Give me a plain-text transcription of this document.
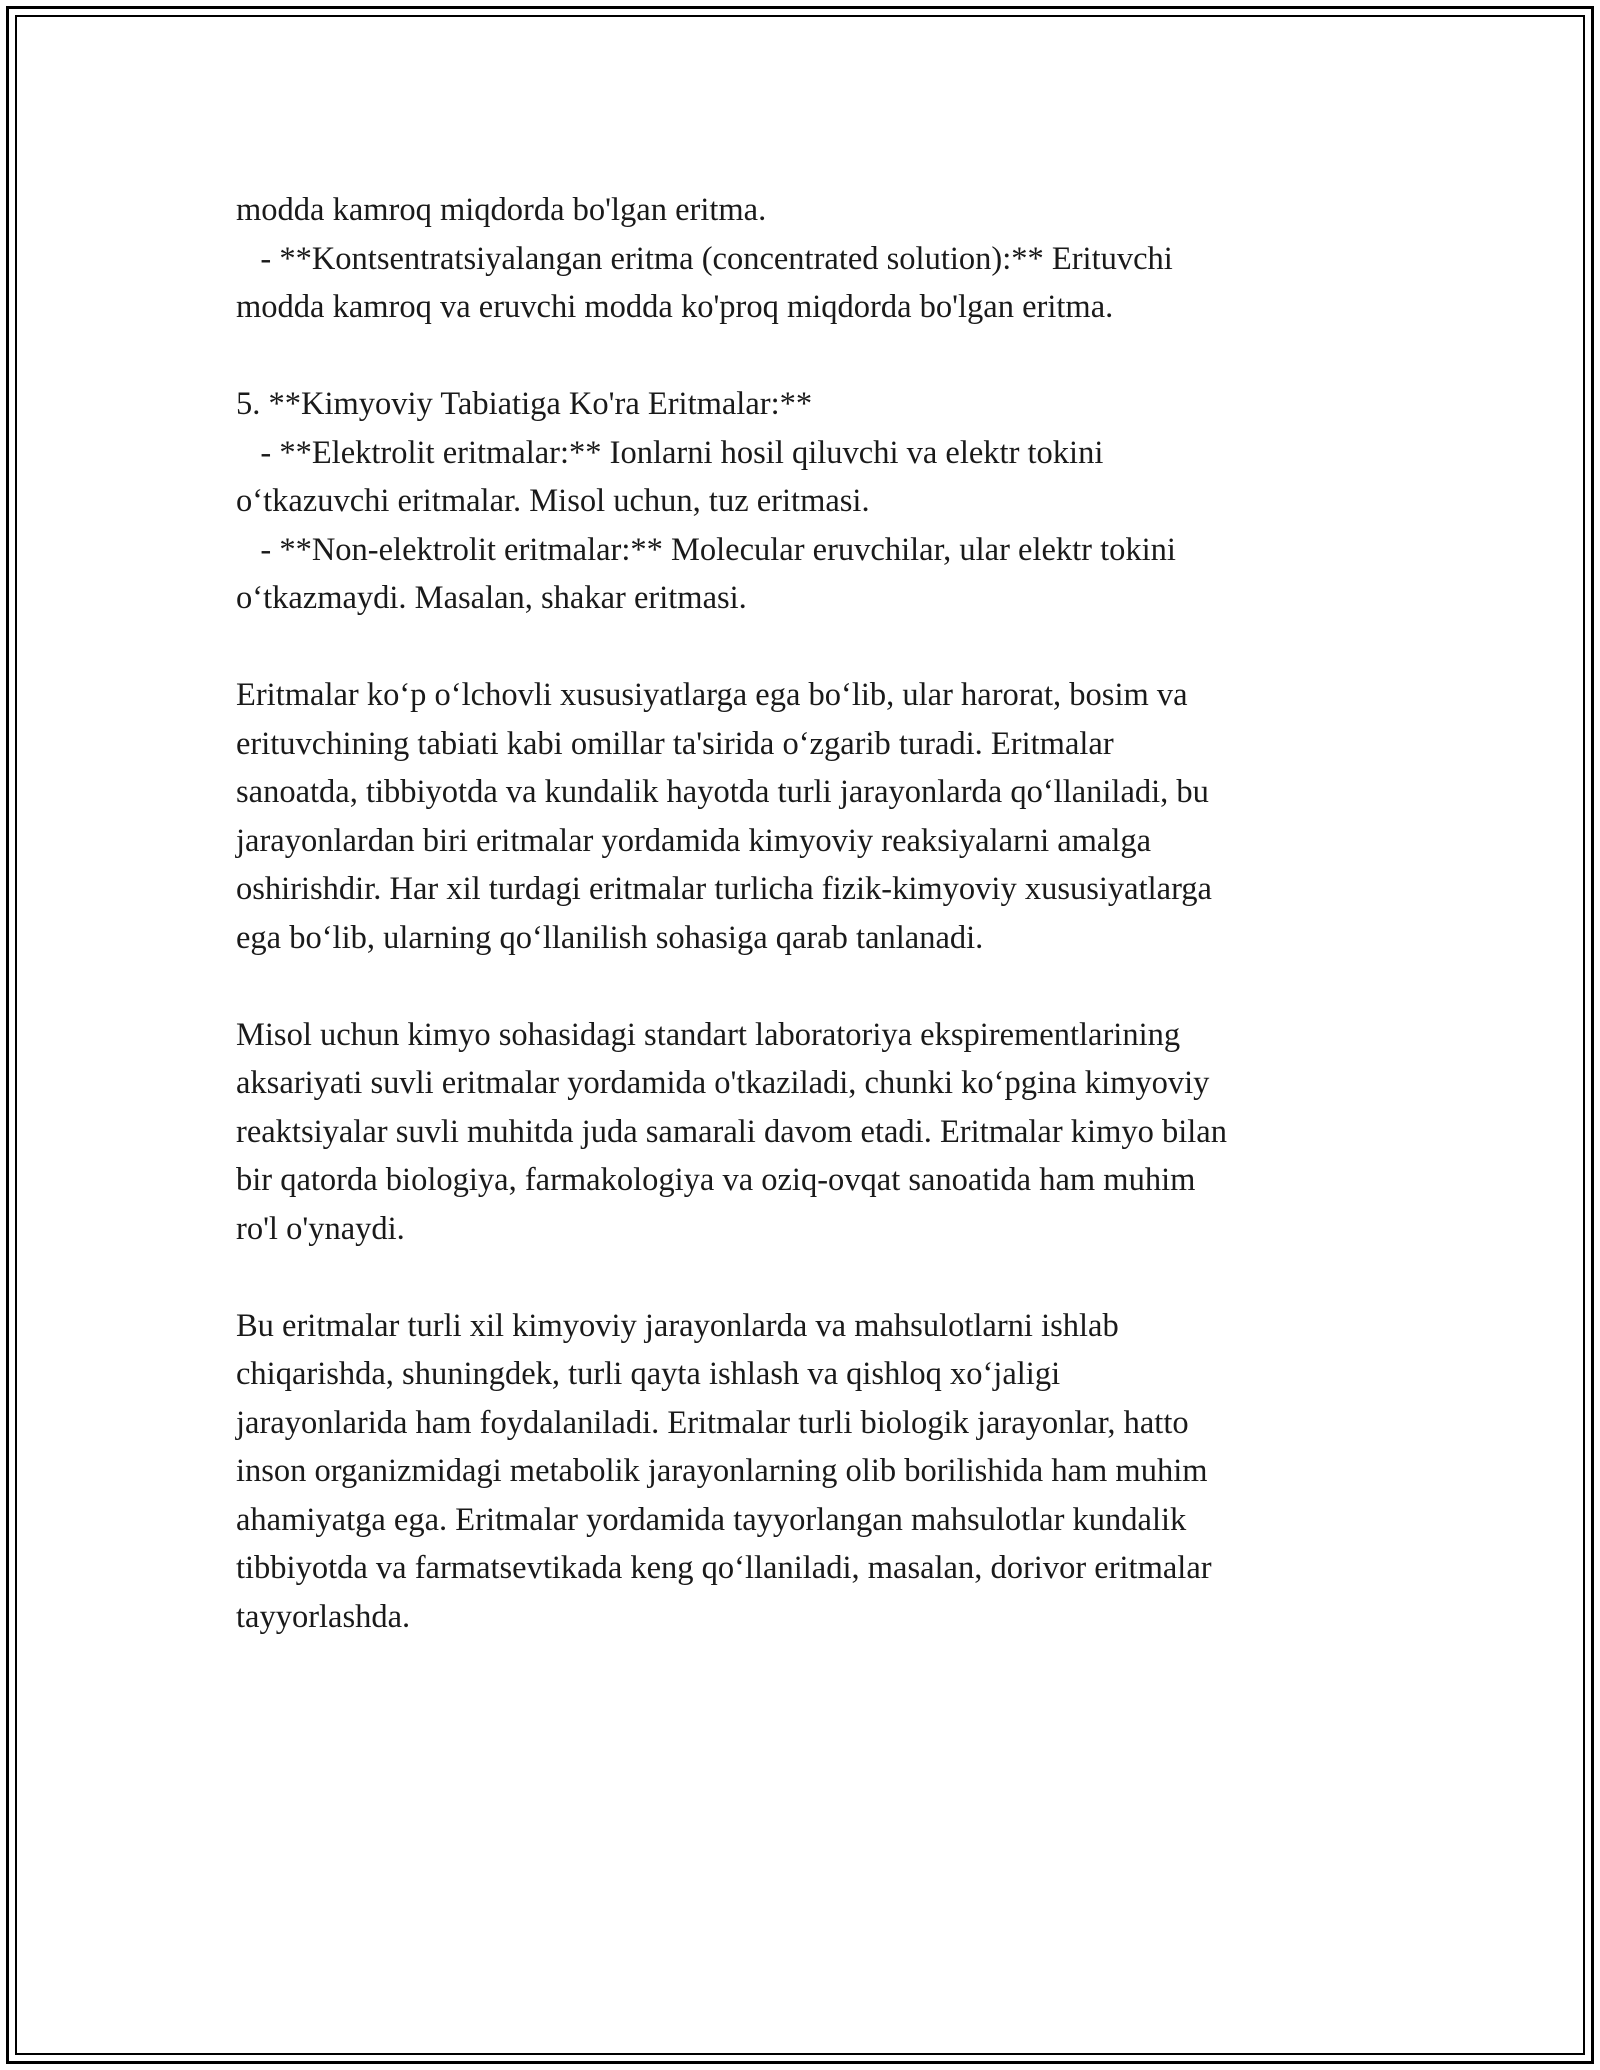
modda kamroq miqdorda bo'lgan eritma.
- **Kontsentratsiyalangan eritma (concentrated solution):** Erituvchi
modda kamroq va eruvchi modda ko'proq miqdorda bo'lgan eritma.
5. **Kimyoviy Tabiatiga Ko'ra Eritmalar:**
- **Elektrolit eritmalar:** Ionlarni hosil qiluvchi va elektr tokini
o‘tkazuvchi eritmalar. Misol uchun, tuz eritmasi.
- **Non-elektrolit eritmalar:** Molecular eruvchilar, ular elektr tokini
o‘tkazmaydi. Masalan, shakar eritmasi.
Eritmalar ko‘p o‘lchovli xususiyatlarga ega bo‘lib, ular harorat, bosim va
erituvchining tabiati kabi omillar ta'sirida o‘zgarib turadi. Eritmalar
sanoatda, tibbiyotda va kundalik hayotda turli jarayonlarda qo‘llaniladi, bu
jarayonlardan biri eritmalar yordamida kimyoviy reaksiyalarni amalga
oshirishdir. Har xil turdagi eritmalar turlicha fizik-kimyoviy xususiyatlarga
ega bo‘lib, ularning qo‘llanilish sohasiga qarab tanlanadi.
Misol uchun kimyo sohasidagi standart laboratoriya ekspirementlarining
aksariyati suvli eritmalar yordamida o'tkaziladi, chunki ko‘pgina kimyoviy
reaktsiyalar suvli muhitda juda samarali davom etadi. Eritmalar kimyo bilan
bir qatorda biologiya, farmakologiya va oziq-ovqat sanoatida ham muhim
ro'l o'ynaydi.
Bu eritmalar turli xil kimyoviy jarayonlarda va mahsulotlarni ishlab
chiqarishda, shuningdek, turli qayta ishlash va qishloq xo‘jaligi
jarayonlarida ham foydalaniladi. Eritmalar turli biologik jarayonlar, hatto
inson organizmidagi metabolik jarayonlarning olib borilishida ham muhim
ahamiyatga ega. Eritmalar yordamida tayyorlangan mahsulotlar kundalik
tibbiyotda va farmatsevtikada keng qo‘llaniladi, masalan, dorivor eritmalar
tayyorlashda.
